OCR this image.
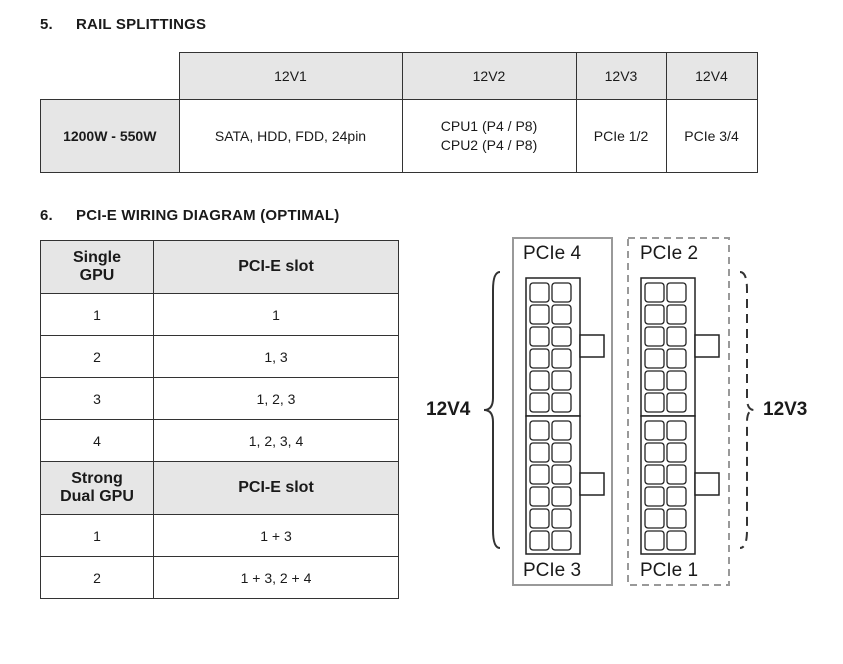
5. RAIL SPLITTINGS
	12V1	12V2	12V3	12V4
1200W - 550W	SATA, HDD, FDD, 24pin	CPU1 (P4 / P8)
CPU2 (P4 / P8)	PCIe 1/2	PCIe 3/4
6. PCI-E WIRING DIAGRAM (OPTIMAL)
Single
GPU	PCI-E slot
1	1
2	1, 3
3	1, 2, 3
4	1, 2, 3, 4
Strong
Dual GPU	PCI-E slot
1	1 + 3
2	1 + 3, 2 + 4
12V4	12V3
PCIe 4	PCIe 2
PCIe 3	PCIe 1
